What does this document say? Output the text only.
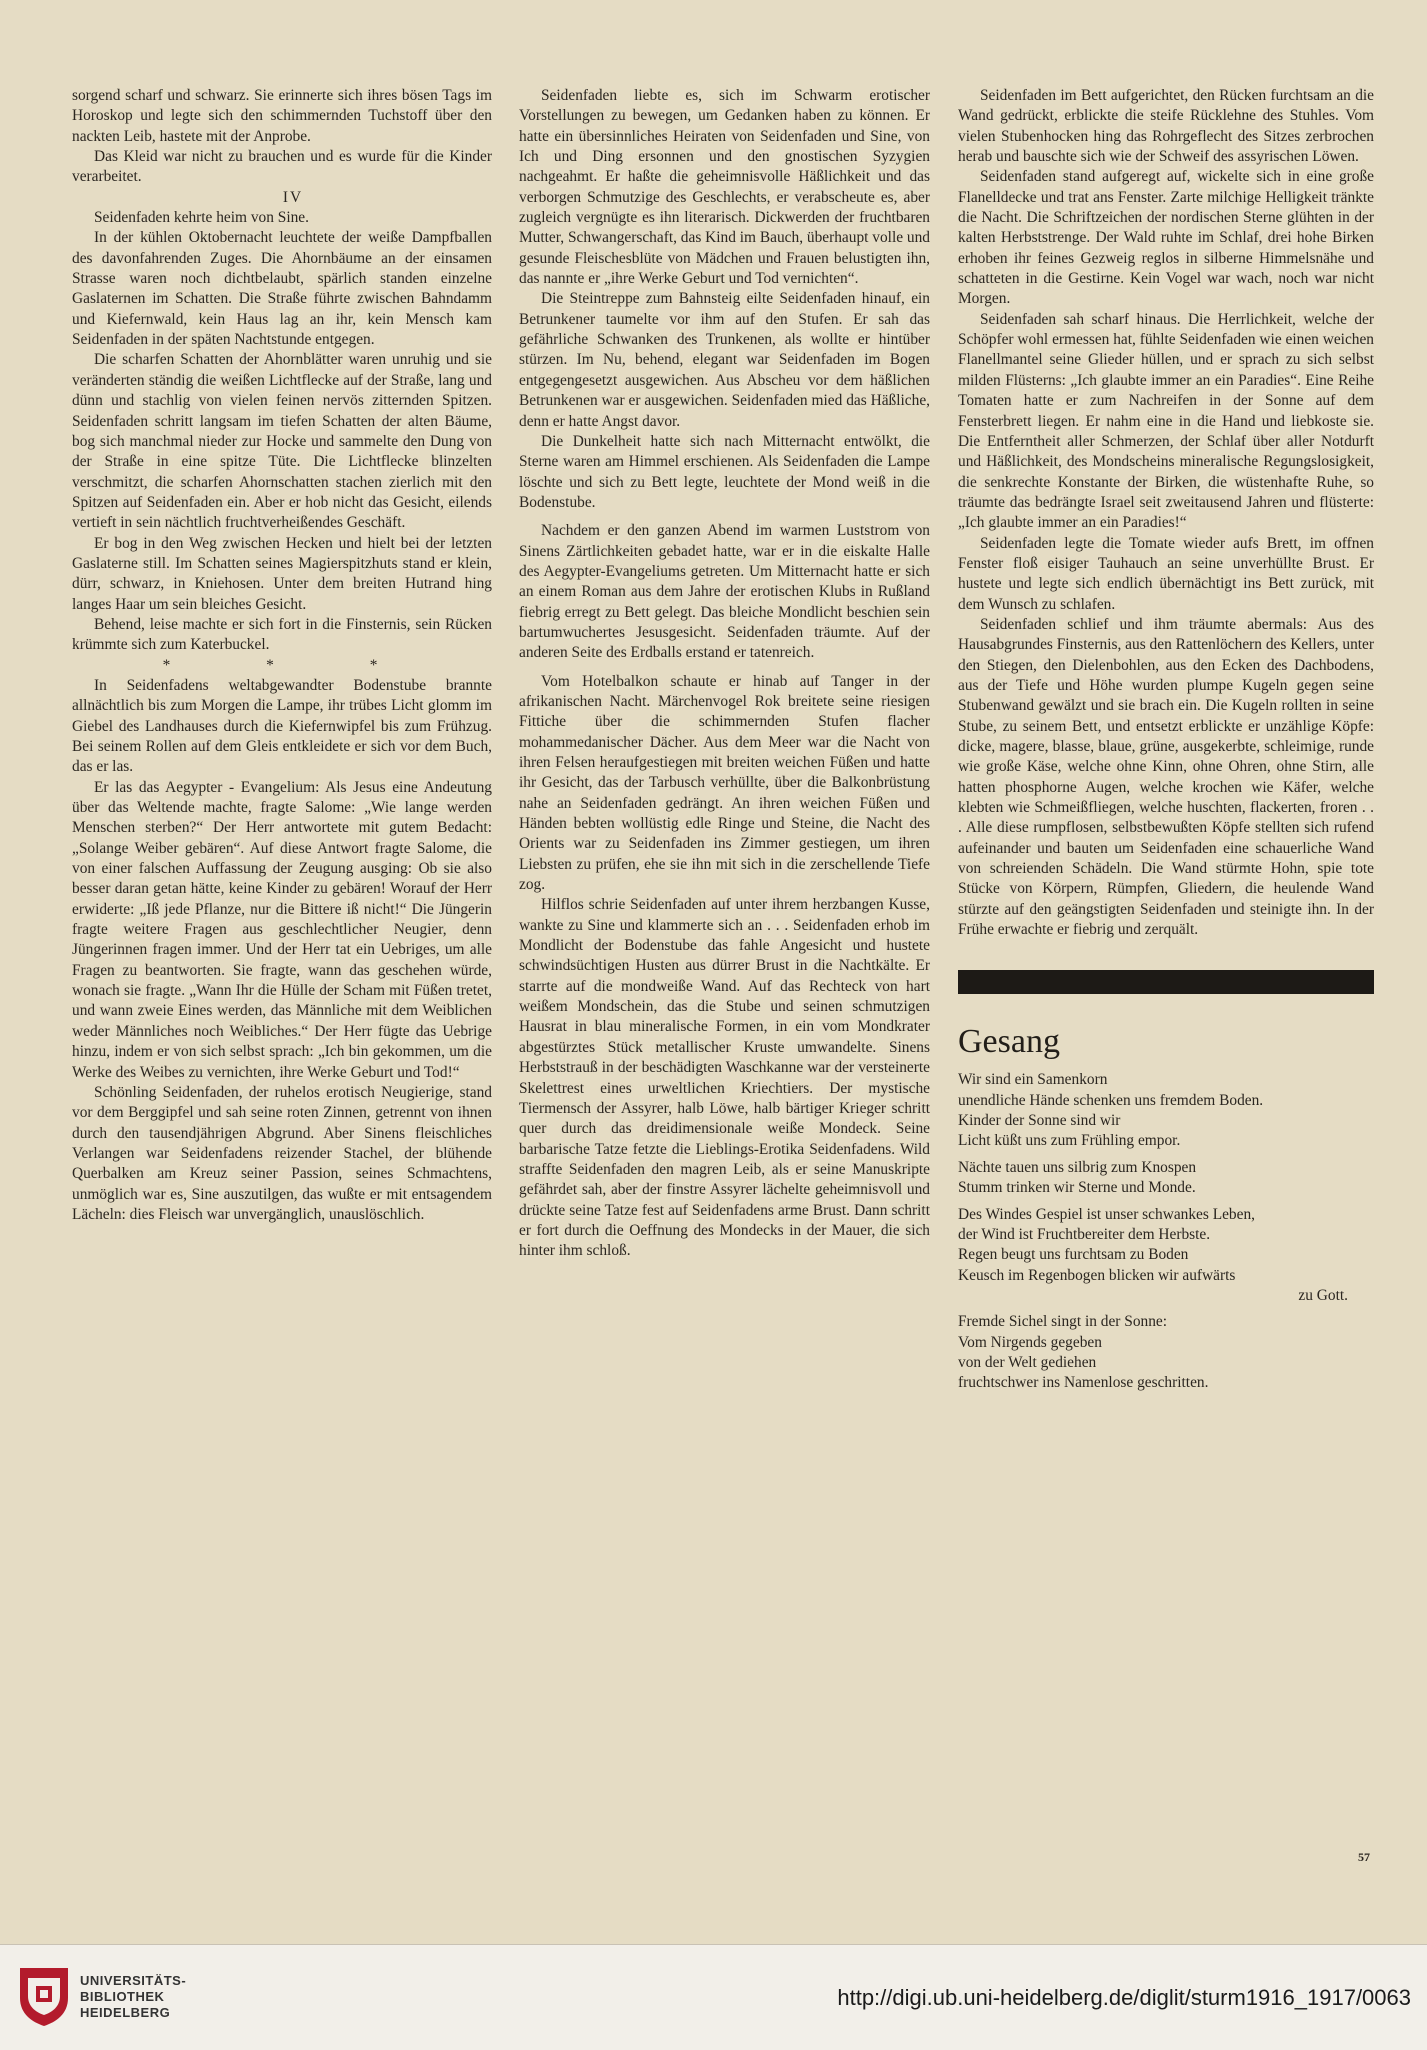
sorgend scharf und schwarz. Sie erinnerte sich ihres bösen Tags im Horoskop und legte sich den schimmernden Tuchstoff über den nackten Leib, hastete mit der Anprobe.

Das Kleid war nicht zu brauchen und es wurde für die Kinder verarbeitet.

IV

Seidenfaden kehrte heim von Sine.

In der kühlen Oktobernacht leuchtete der weiße Dampfballen des davonfahrenden Zuges. Die Ahornbäume an der einsamen Strasse waren noch dichtbelaubt, spärlich standen einzelne Gaslaternen im Schatten. Die Straße führte zwischen Bahndamm und Kiefernwald, kein Haus lag an ihr, kein Mensch kam Seidenfaden in der späten Nachtstunde entgegen.

Die scharfen Schatten der Ahornblätter waren unruhig und sie veränderten ständig die weißen Lichtflecke auf der Straße, lang und dünn und stachlig von vielen feinen nervös zitternden Spitzen. Seidenfaden schritt langsam im tiefen Schatten der alten Bäume, bog sich manchmal nieder zur Hocke und sammelte den Dung von der Straße in eine spitze Tüte. Die Lichtflecke blinzelten verschmitzt, die scharfen Ahornschatten stachen zierlich mit den Spitzen auf Seidenfaden ein. Aber er hob nicht das Gesicht, eilends vertieft in sein nächtlich fruchtverheißendes Geschäft.

Er bog in den Weg zwischen Hecken und hielt bei der letzten Gaslaterne still. Im Schatten seines Magierspitzhuts stand er klein, dürr, schwarz, in Kniehosen. Unter dem breiten Hutrand hing langes Haar um sein bleiches Gesicht.

Behend, leise machte er sich fort in die Finsternis, sein Rücken krümmte sich zum Katerbuckel.

* * *

In Seidenfadens weltabgewandter Bodenstube brannte allnächtlich bis zum Morgen die Lampe, ihr trübes Licht glomm im Giebel des Landhauses durch die Kiefernwipfel bis zum Frühzug. Bei seinem Rollen auf dem Gleis entkleidete er sich vor dem Buch, das er las.

Er las das Aegypter - Evangelium: Als Jesus eine Andeutung über das Weltende machte, fragte Salome: „Wie lange werden Menschen sterben?“ Der Herr antwortete mit gutem Bedacht: „Solange Weiber gebären“. Auf diese Antwort fragte Salome, die von einer falschen Auffassung der Zeugung ausging: Ob sie also besser daran getan hätte, keine Kinder zu gebären! Worauf der Herr erwiderte: „Iß jede Pflanze, nur die Bittere iß nicht!“ Die Jüngerin fragte weitere Fragen aus geschlechtlicher Neugier, denn Jüngerinnen fragen immer. Und der Herr tat ein Uebriges, um alle Fragen zu beantworten. Sie fragte, wann das geschehen würde, wonach sie fragte. „Wann Ihr die Hülle der Scham mit Füßen tretet, und wann zweie Eines werden, das Männliche mit dem Weiblichen weder Männliches noch Weibliches.“ Der Herr fügte das Uebrige hinzu, indem er von sich selbst sprach: „Ich bin gekommen, um die Werke des Weibes zu vernichten, ihre Werke Geburt und Tod!“

Schönling Seidenfaden, der ruhelos erotisch Neugierige, stand vor dem Berggipfel und sah seine roten Zinnen, getrennt von ihnen durch den tausendjährigen Abgrund. Aber Sinens fleischliches Verlangen war Seidenfadens reizender Stachel, der blühende Querbalken am Kreuz seiner Passion, seines Schmachtens, unmöglich war es, Sine auszutilgen, das wußte er mit entsagendem Lächeln: dies Fleisch war unvergänglich, unauslöschlich.

Seidenfaden liebte es, sich im Schwarm erotischer Vorstellungen zu bewegen, um Gedanken haben zu können. Er hatte ein übersinnliches Heiraten von Seidenfaden und Sine, von Ich und Ding ersonnen und den gnostischen Syzygien nachgeahmt. Er haßte die geheimnisvolle Häßlichkeit und das verborgen Schmutzige des Geschlechts, er verabscheute es, aber zugleich vergnügte es ihn literarisch. Dickwerden der fruchtbaren Mutter, Schwangerschaft, das Kind im Bauch, überhaupt volle und gesunde Fleischesblüte von Mädchen und Frauen belustigten ihn, das nannte er „ihre Werke Geburt und Tod vernichten“.

Die Steintreppe zum Bahnsteig eilte Seidenfaden hinauf, ein Betrunkener taumelte vor ihm auf den Stufen. Er sah das gefährliche Schwanken des Trunkenen, als wollte er hintüber stürzen. Im Nu, behend, elegant war Seidenfaden im Bogen entgegengesetzt ausgewichen. Aus Abscheu vor dem häßlichen Betrunkenen war er ausgewichen. Seidenfaden mied das Häßliche, denn er hatte Angst davor.

Die Dunkelheit hatte sich nach Mitternacht entwölkt, die Sterne waren am Himmel erschienen. Als Seidenfaden die Lampe löschte und sich zu Bett legte, leuchtete der Mond weiß in die Bodenstube.

Nachdem er den ganzen Abend im warmen Luststrom von Sinens Zärtlichkeiten gebadet hatte, war er in die eiskalte Halle des Aegypter-Evangeliums getreten. Um Mitternacht hatte er sich an einem Roman aus dem Jahre der erotischen Klubs in Rußland fiebrig erregt zu Bett gelegt. Das bleiche Mondlicht beschien sein bartumwuchertes Jesusgesicht. Seidenfaden träumte. Auf der anderen Seite des Erdballs erstand er tatenreich.

Vom Hotelbalkon schaute er hinab auf Tanger in der afrikanischen Nacht. Märchenvogel Rok breitete seine riesigen Fittiche über die schimmernden Stufen flacher mohammedanischer Dächer. Aus dem Meer war die Nacht von ihren Felsen heraufgestiegen mit breiten weichen Füßen und hatte ihr Gesicht, das der Tarbusch verhüllte, über die Balkonbrüstung nahe an Seidenfaden gedrängt. An ihren weichen Füßen und Händen bebten wollüstig edle Ringe und Steine, die Nacht des Orients war zu Seidenfaden ins Zimmer gestiegen, um ihren Liebsten zu prüfen, ehe sie ihn mit sich in die zerschellende Tiefe zog.

Hilflos schrie Seidenfaden auf unter ihrem herzbangen Kusse, wankte zu Sine und klammerte sich an . . . Seidenfaden erhob im Mondlicht der Bodenstube das fahle Angesicht und hustete schwindsüchtigen Husten aus dürrer Brust in die Nachtkälte. Er starrte auf die mondweiße Wand. Auf das Rechteck von hart weißem Mondschein, das die Stube und seinen schmutzigen Hausrat in blau mineralische Formen, in ein vom Mondkrater abgestürztes Stück metallischer Kruste umwandelte. Sinens Herbststrauß in der beschädigten Waschkanne war der versteinerte Skelettrest eines urweltlichen Kriechtiers. Der mystische Tiermensch der Assyrer, halb Löwe, halb bärtiger Krieger schritt quer durch das dreidimensionale weiße Mondeck. Seine barbarische Tatze fetzte die Lieblings-Erotika Seidenfadens. Wild straffte Seidenfaden den magren Leib, als er seine Manuskripte gefährdet sah, aber der finstre Assyrer lächelte geheimnisvoll und drückte seine Tatze fest auf Seidenfadens arme Brust. Dann schritt er fort durch die Oeffnung des Mondecks in der Mauer, die sich hinter ihm schloß.

Seidenfaden im Bett aufgerichtet, den Rücken furchtsam an die Wand gedrückt, erblickte die steife Rücklehne des Stuhles. Vom vielen Stubenhocken hing das Rohrgeflecht des Sitzes zerbrochen herab und bauschte sich wie der Schweif des assyrischen Löwen.

Seidenfaden stand aufgeregt auf, wickelte sich in eine große Flanelldecke und trat ans Fenster. Zarte milchige Helligkeit tränkte die Nacht. Die Schriftzeichen der nordischen Sterne glühten in der kalten Herbststrenge. Der Wald ruhte im Schlaf, drei hohe Birken erhoben ihr feines Gezweig reglos in silberne Himmelsnähe und schatteten in die Gestirne. Kein Vogel war wach, noch war nicht Morgen.

Seidenfaden sah scharf hinaus. Die Herrlichkeit, welche der Schöpfer wohl ermessen hat, fühlte Seidenfaden wie einen weichen Flanellmantel seine Glieder hüllen, und er sprach zu sich selbst milden Flüsterns: „Ich glaubte immer an ein Paradies“. Eine Reihe Tomaten hatte er zum Nachreifen in der Sonne auf dem Fensterbrett liegen. Er nahm eine in die Hand und liebkoste sie. Die Entferntheit aller Schmerzen, der Schlaf über aller Notdurft und Häßlichkeit, des Mondscheins mineralische Regungslosigkeit, die senkrechte Konstante der Birken, die wüstenhafte Ruhe, so träumte das bedrängte Israel seit zweitausend Jahren und flüsterte: „Ich glaubte immer an ein Paradies!“

Seidenfaden legte die Tomate wieder aufs Brett, im offnen Fenster floß eisiger Tauhauch an seine unverhüllte Brust. Er hustete und legte sich endlich übernächtigt ins Bett zurück, mit dem Wunsch zu schlafen.

Seidenfaden schlief und ihm träumte abermals: Aus des Hausabgrundes Finsternis, aus den Rattenlöchern des Kellers, unter den Stiegen, den Dielenbohlen, aus den Ecken des Dachbodens, aus der Tiefe und Höhe wurden plumpe Kugeln gegen seine Stubenwand gewälzt und sie brach ein. Die Kugeln rollten in seine Stube, zu seinem Bett, und entsetzt erblickte er unzählige Köpfe: dicke, magere, blasse, blaue, grüne, ausgekerbte, schleimige, runde wie große Käse, welche ohne Kinn, ohne Ohren, ohne Stirn, alle hatten phosphorne Augen, welche krochen wie Käfer, welche klebten wie Schmeißfliegen, welche huschten, flackerten, froren . . . Alle diese rumpflosen, selbstbewußten Köpfe stellten sich rufend aufeinander und bauten um Seidenfaden eine schauerliche Wand von schreienden Schädeln. Die Wand stürmte Hohn, spie tote Stücke von Körpern, Rümpfen, Gliedern, die heulende Wand stürzte auf den geängstigten Seidenfaden und steinigte ihn. In der Frühe erwachte er fiebrig und zerquält.

Gesang

Wir sind ein Samenkorn

unendliche Hände schenken uns fremdem Boden.

Kinder der Sonne sind wir

Licht küßt uns zum Frühling empor.

Nächte tauen uns silbrig zum Knospen

Stumm trinken wir Sterne und Monde.

Des Windes Gespiel ist unser schwankes Leben,

der Wind ist Fruchtbereiter dem Herbste.

Regen beugt uns furchtsam zu Boden

Keusch im Regenbogen blicken wir aufwärts

zu Gott.

Fremde Sichel singt in der Sonne:

Vom Nirgends gegeben

von der Welt gediehen

fruchtschwer ins Namenlose geschritten.

57
UNIVERSITÄTS-
BIBLIOTHEK
HEIDELBERG
http://digi.ub.uni-heidelberg.de/diglit/sturm1916_1917/0063
